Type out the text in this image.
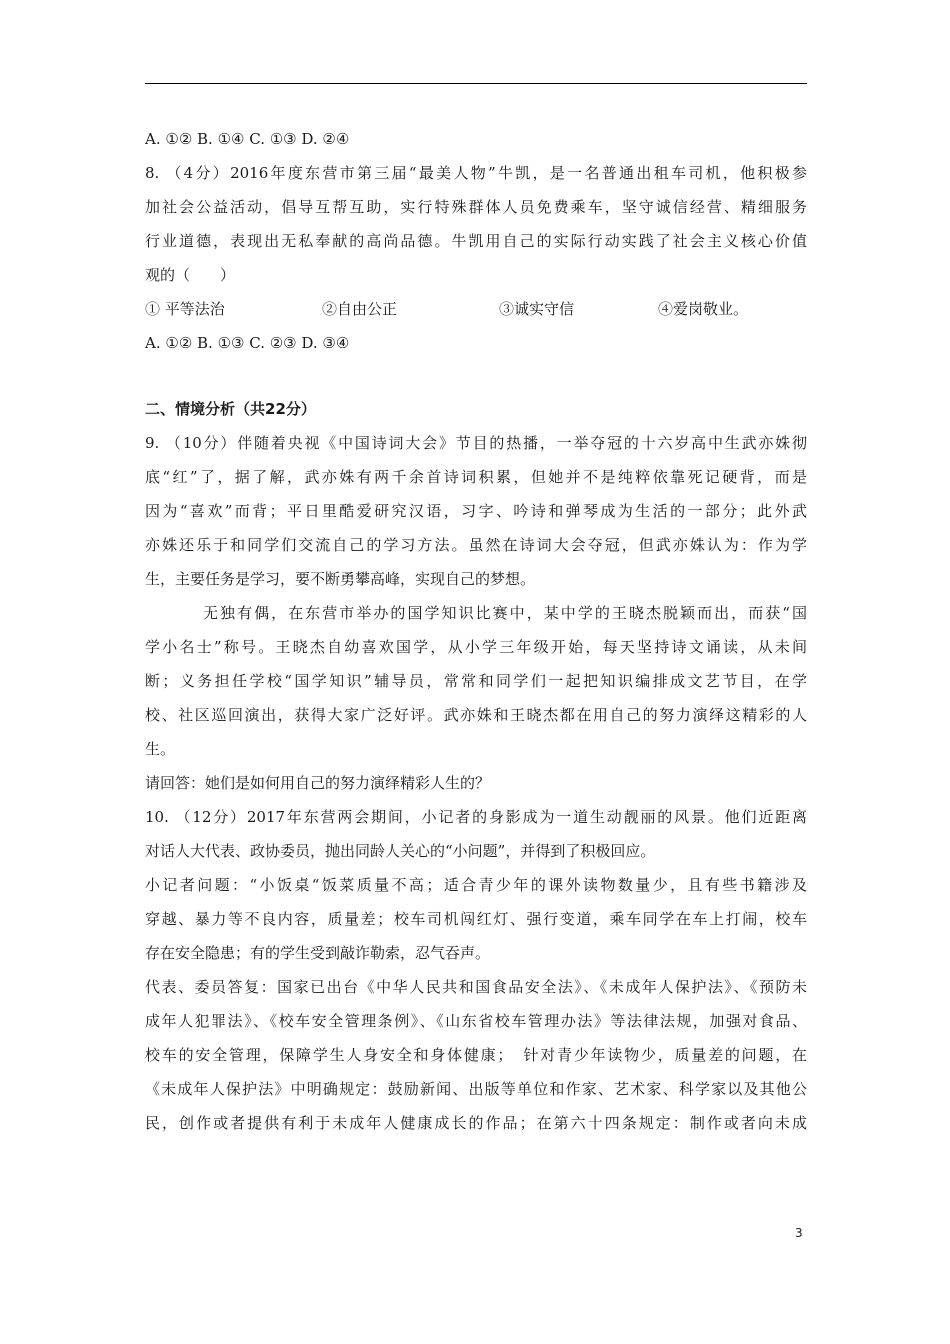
A. ①② B. ①④ C. ①③ D. ②④
8. （4分）2016年度东营市第三届“最美人物”牛凯，是一名普通出租车司机，他积极参
加社会公益活动，倡导互帮互助，实行特殊群体人员免费乘车，坚守诚信经营、精细服务
行业道德，表现出无私奉献的高尚品德。牛凯用自己的实际行动实践了社会主义核心价值
观的（　　）
① 平等法治	②自由公正	③诚实守信	④爱岗敬业。
A. ①② B. ①③ C. ②③ D. ③④
二、情境分析（共22分）
9. （10分）伴随着央视《中国诗词大会》节目的热播，一举夺冠的十六岁高中生武亦姝彻
底“红”了，据了解，武亦姝有两千余首诗词积累，但她并不是纯粹依靠死记硬背，而是
因为“喜欢”而背；平日里酷爱研究汉语，习字、吟诗和弹琴成为生活的一部分；此外武
亦姝还乐于和同学们交流自己的学习方法。虽然在诗词大会夺冠，但武亦姝认为：作为学
生，主要任务是学习，要不断勇攀高峰，实现自己的梦想。
无独有偶，在东营市举办的国学知识比赛中，某中学的王晓杰脱颖而出，而获“国
学小名士”称号。王晓杰自幼喜欢国学，从小学三年级开始，每天坚持诗文诵读，从未间
断；义务担任学校“国学知识”辅导员，常常和同学们一起把知识编排成文艺节目，在学
校、社区巡回演出，获得大家广泛好评。武亦姝和王晓杰都在用自己的努力演绎这精彩的人
生。
请回答：她们是如何用自己的努力演绎精彩人生的？
10. （12分）2017年东营两会期间，小记者的身影成为一道生动靓丽的风景。他们近距离
对话人大代表、政协委员，抛出同龄人关心的“小问题”，并得到了积极回应。
小记者问题：“小饭桌“饭菜质量不高；适合青少年的课外读物数量少，且有些书籍涉及
穿越、暴力等不良内容，质量差；校车司机闯红灯、强行变道，乘车同学在车上打闹，校车
存在安全隐患；有的学生受到敲诈勒索，忍气吞声。
代表、委员答复：国家已出台《中华人民共和国食品安全法》、《未成年人保护法》、《预防未
成年人犯罪法》、《校车安全管理条例》、《山东省校车管理办法》等法律法规，加强对食品、
校车的安全管理，保障学生人身安全和身体健康；　针对青少年读物少，质量差的问题，在
《未成年人保护法》中明确规定：鼓励新闻、出版等单位和作家、艺术家、科学家以及其他公
民，创作或者提供有利于未成年人健康成长的作品；在第六十四条规定：制作或者向未成
3
